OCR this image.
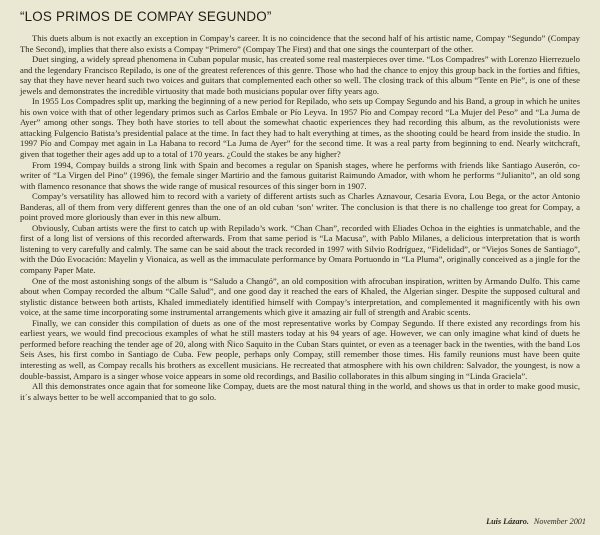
“LOS PRIMOS DE COMPAY SEGUNDO”

This duets album is not exactly an exception in Compay’s career. It is no coincidence that the second half of his artistic name, Compay “Segundo” (Compay The Second), implies that there also exists a Compay “Primero” (Compay The First) and that one sings the counterpart of the other.

Duet singing, a widely spread phenomena in Cuban popular music, has created some real masterpieces over time. “Los Compadres” with Lorenzo Hierrezuelo and the legendary Francisco Repilado, is one of the greatest references of this genre. Those who had the chance to enjoy this group back in the forties and fifties, say that they have never heard such two voices and guitars that complemented each other so well. The closing track of this album “Tente en Pie”, is one of these jewels and demonstrates the incredible virtuosity that made both musicians popular over fifty years ago.

In 1955 Los Compadres split up, marking the beginning of a new period for Repilado, who sets up Compay Segundo and his Band, a group in which he unites his own voice with that of other legendary primos such as Carlos Embale or Pío Leyva. In 1957 Pío and Compay record “La Mujer del Peso” and “La Juma de Ayer” among other songs. They both have stories to tell about the somewhat chaotic experiences they had recording this album, as the revolutionists were attacking Fulgencio Batista’s presidential palace at the time. In fact they had to halt everything at times, as the shooting could be heard from inside the studio. In 1997 Pío and Compay met again in La Habana to record “La Juma de Ayer” for the second time. It was a real party from beginning to end. Nearly witchcraft, given that together their ages add up to a total of 170 years. ¿Could the stakes be any higher?

From 1994, Compay builds a strong link with Spain and becomes a regular on Spanish stages, where he performs with friends like Santiago Auserón, co-writer of “La Virgen del Pino” (1996), the female singer Martirio and the famous guitarist Raimundo Amador, with whom he performs “Julianito”, an old song with flamenco resonance that shows the wide range of musical resources of this singer born in 1907.

Compay’s versatility has allowed him to record with a variety of different artists such as Charles Aznavour, Cesaria Evora, Lou Bega, or the actor Antonio Banderas, all of them from very different genres than the one of an old cuban ‘son’ writer. The conclusion is that there is no challenge too great for Compay, a point proved more gloriously than ever in this new album.

Obviously, Cuban artists were the first to catch up with Repilado’s work. “Chan Chan”, recorded with Eliades Ochoa in the eighties is unmatchable, and the first of a long list of versions of this recorded afterwards. From that same period is “La Macusa”, with Pablo Milanes, a delicious interpretation that is worth listening to very carefully and calmly. The same can be said about the track recorded in 1997 with Silvio Rodríguez, “Fidelidad”, or “Viejos Sones de Santiago”, with the Dúo Evocación: Mayelin y Vionaica, as well as the immaculate performance by Omara Portuondo in “La Pluma”, originally conceived as a jingle for the company Paper Mate.

One of the most astonishing songs of the album is “Saludo a Changó”, an old composition with afrocuban inspiration, written by Armando Dulfo. This came about when Compay recorded the album “Calle Salud”, and one good day it reached the ears of Khaled, the Algerian singer. Despite the supposed cultural and stylistic distance between both artists, Khaled immediately identified himself with Compay’s interpretation, and complemented it magnificently with his own voice, at the same time incorporating some instrumental arrangements which give it amazing air full of strength and Arabic scents.

Finally, we can consider this compilation of duets as one of the most representative works by Compay Segundo. If there existed any recordings from his earliest years, we would find precocious examples of what he still masters today at his 94 years of age. However, we can only imagine what kind of duets he performed before reaching the tender age of 20, along with Ñico Saquito in the Cuban Stars quintet, or even as a teenager back in the twenties, with the band Los Seis Ases, his first combo in Santiago de Cuba. Few people, perhaps only Compay, still remember those times. His family reunions must have been quite interesting as well, as Compay recalls his brothers as excellent musicians. He recreated that atmosphere with his own children: Salvador, the youngest, is now a double-bassist, Amparo is a singer whose voice appears in some old recordings, and Basilio collaborates in this album singing in “Linda Graciela”.

All this demonstrates once again that for someone like Compay, duets are the most natural thing in the world, and shows us that in order to make good music, it´s always better to be well accompanied that to go solo.

Luis Lázaro. November 2001
